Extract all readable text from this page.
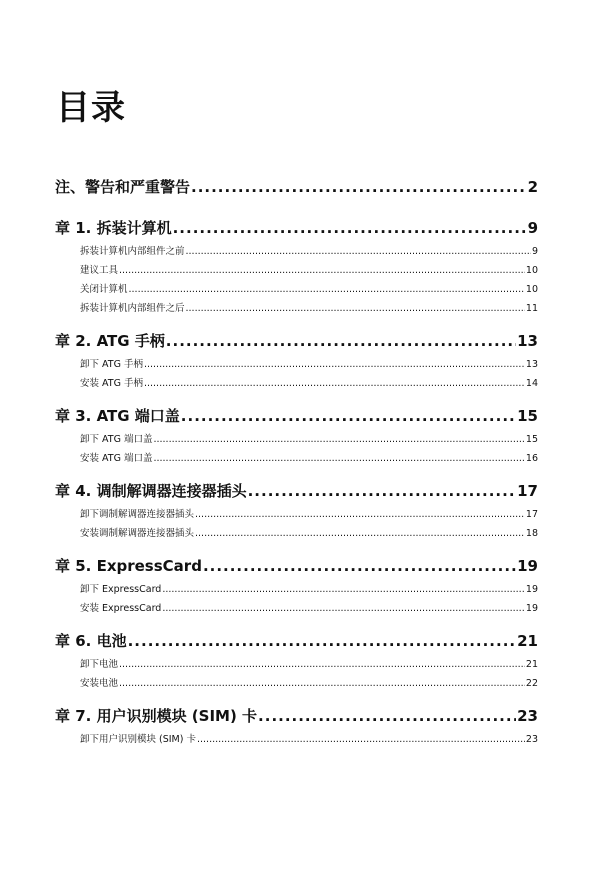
目录
注、警告和严重警告 .....	2
章 1. 拆装计算机 .....	9
拆装计算机内部组件之前 .....	9
建议工具 .....	10
关闭计算机 .....	10
拆装计算机内部组件之后 .....	11
章 2. ATG 手柄 .....	13
卸下 ATG 手柄 .....	13
安装 ATG 手柄 .....	14
章 3. ATG 端口盖 .....	15
卸下 ATG 端口盖 .....	15
安装 ATG 端口盖 .....	16
章 4. 调制解调器连接器插头 .....	17
卸下调制解调器连接器插头 .....	17
安装调制解调器连接器插头 .....	18
章 5. ExpressCard .....	19
卸下 ExpressCard .....	19
安装 ExpressCard .....	19
章 6. 电池 .....	21
卸下电池 .....	21
安装电池 .....	22
章 7. 用户识别模块 (SIM) 卡 .....	23
卸下用户识别模块 (SIM) 卡 .....	23
